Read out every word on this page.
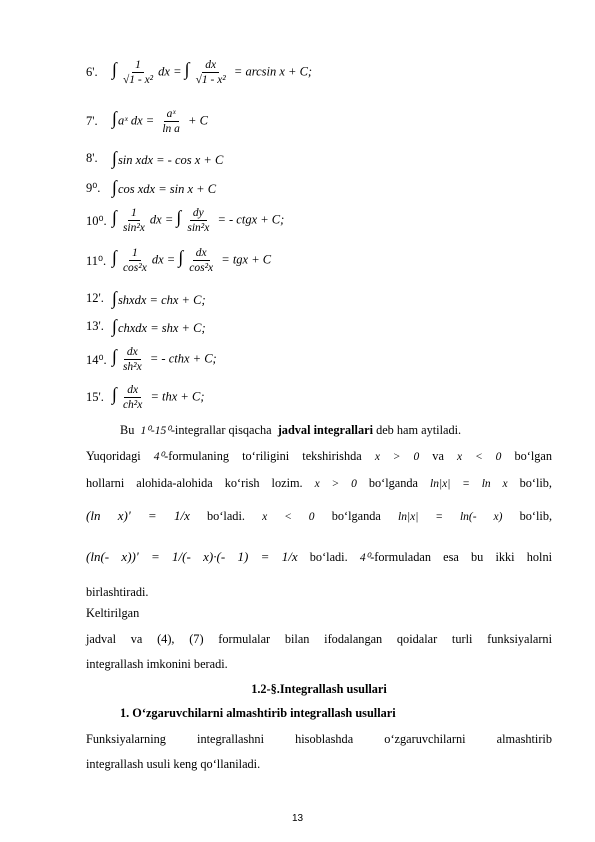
6'. ∫ $\frac{1}{\text{√1 - x²}}$ dx = ∫ $\frac{dx}{\text{√1 - x²}} = \arcsin x + C$;
7'. ∫aˣ dx = $\frac{\text{aˣ}}{\text{ln a}} + C$
8'. ∫sin xdx = - cos x + C
9⁰. ∫cos xdx = sin x + C
10⁰. ∫ $\frac{1}{\text{sin²x}}$ dx = ∫ $\frac{dy}{\text{sin²x}}$ = - ctgx + C;
11⁰. ∫ $\frac{1}{\text{cos²x}}$ dx = ∫ $\frac{dx}{\text{cos²x}}$ = tgx + C
12'. ∫shxdx = chx + C;
13'. ∫chxdx = shx + C;
14⁰. ∫ $\frac{dx}{\text{sh²x}}$ = - cthx + C;
15'. ∫ $\frac{dx}{\text{ch²x}}$ = thx + C;
Bu 1⁰-15⁰-integrallar qisqacha jadval integrallari deb ham aytiladi.
Yuqoridagi 4⁰-formulaning to‘riligini tekshirishda x > 0 va x < 0 bo‘lgan
hollarni alohida-alohida ko‘rish lozim. x > 0 bo‘lganda ln|x| = ln x bo‘lib,
(ln x)' = 1/x bo‘ladi. x < 0 bo‘lganda ln|x| = ln(- x) bo‘lib,
(ln(- x))' = 1/(- x)·(- 1) = 1/x bo‘ladi. 4⁰-formuladan esa bu ikki holni
birlashtiradi.
Keltirilgan
jadval va (4), (7) formulalar bilan ifodalangan qoidalar turli funksiyalarni
integrallash imkonini beradi.
1.2-§.Integrallash usullari
1. O‘zgaruvchilarni almashtirib integrallash usullari
Funksiyalarning integrallashni hisoblashda o‘zgaruvchilarni almashtirib
integrallash usuli keng qo‘llaniladi.
13
